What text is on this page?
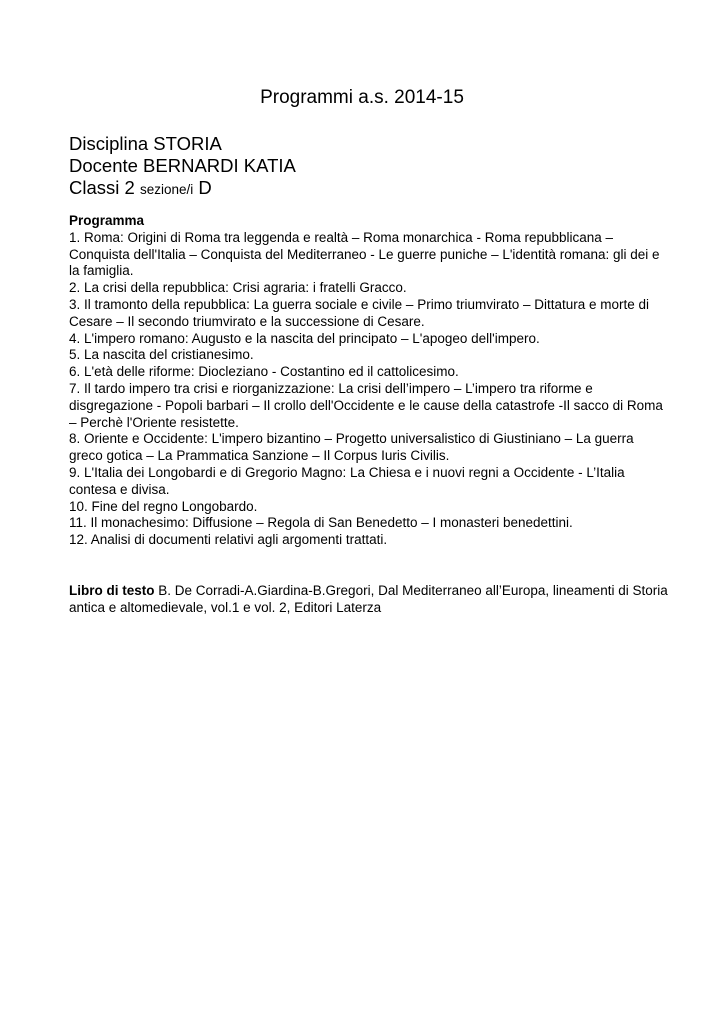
Programmi a.s. 2014-15
Disciplina STORIA
Docente BERNARDI KATIA
Classi 2 sezione/i D
Programma

1. Roma: Origini di Roma tra leggenda e realtà – Roma monarchica - Roma repubblicana – Conquista dell'Italia – Conquista del Mediterraneo - Le guerre puniche – L'identità romana: gli dei e la famiglia.

2. La crisi della repubblica: Crisi agraria: i fratelli Gracco.

3. Il tramonto della repubblica: La guerra sociale e civile – Primo triumvirato – Dittatura e morte di Cesare – Il secondo triumvirato e la successione di Cesare.

4. L'impero romano: Augusto e la nascita del principato – L'apogeo dell'impero.

5. La nascita del cristianesimo.

6. L'età delle riforme: Diocleziano - Costantino ed il cattolicesimo.

7. Il tardo impero tra crisi e riorganizzazione: La crisi dell’impero – L’impero tra riforme e disgregazione - Popoli barbari – Il crollo dell'Occidente e le cause della catastrofe -Il sacco di Roma – Perchè l'Oriente resistette.

8. Oriente e Occidente: L'impero bizantino – Progetto universalistico di Giustiniano – La guerra greco gotica – La Prammatica Sanzione – Il Corpus Iuris Civilis.

9. L'Italia dei Longobardi e di Gregorio Magno: La Chiesa e i nuovi regni a Occidente - L’Italia contesa e divisa.

10. Fine del regno Longobardo.

11. Il monachesimo: Diffusione – Regola di San Benedetto – I monasteri benedettini.

12. Analisi di documenti relativi agli argomenti trattati.

Libro di testo B. De Corradi-A.Giardina-B.Gregori, Dal Mediterraneo all’Europa, lineamenti di Storia antica e altomedievale, vol.1 e vol. 2, Editori Laterza
